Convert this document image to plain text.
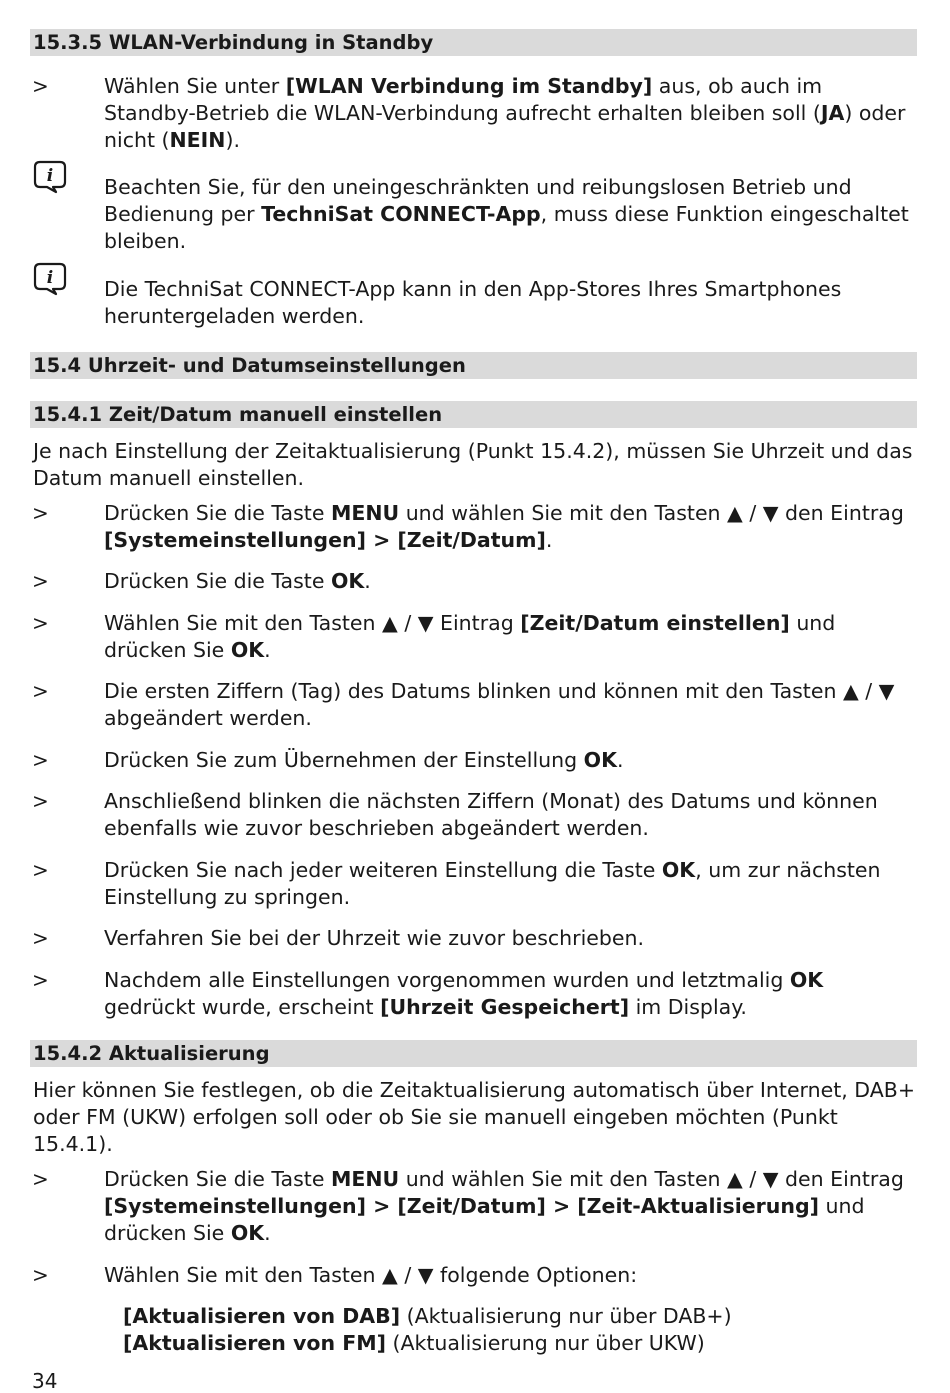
15.3.5 WLAN-Verbindung in Standby
>	Wählen Sie unter [WLAN Verbindung im Standby] aus, ob auch im Standby-Betrieb die WLAN-Verbindung aufrecht erhalten bleiben soll (JA) oder nicht (NEIN).
i Beachten Sie, für den uneingeschränkten und reibungslosen Betrieb und Bedienung per TechniSat CONNECT-App, muss diese Funktion eingeschaltet bleiben.
i Die TechniSat CONNECT-App kann in den App-Stores Ihres Smartphones heruntergeladen werden.
15.4 Uhrzeit- und Datumseinstellungen
15.4.1 Zeit/Datum manuell einstellen
Je nach Einstellung der Zeitaktualisierung (Punkt 15.4.2), müssen Sie Uhrzeit und das Datum manuell einstellen.
>	Drücken Sie die Taste MENU und wählen Sie mit den Tasten ▲ / ▼ den Eintrag [Systemeinstellungen] > [Zeit/Datum].
>	Drücken Sie die Taste OK.
>	Wählen Sie mit den Tasten ▲ / ▼ Eintrag [Zeit/Datum einstellen] und drücken Sie OK.
>	Die ersten Ziffern (Tag) des Datums blinken und können mit den Tasten ▲ / ▼ abgeändert werden.
>	Drücken Sie zum Übernehmen der Einstellung OK.
>	Anschließend blinken die nächsten Ziffern (Monat) des Datums und können ebenfalls wie zuvor beschrieben abgeändert werden.
>	Drücken Sie nach jeder weiteren Einstellung die Taste OK, um zur nächsten Einstellung zu springen.
>	Verfahren Sie bei der Uhrzeit wie zuvor beschrieben.
>	Nachdem alle Einstellungen vorgenommen wurden und letztmalig OK gedrückt wurde, erscheint [Uhrzeit Gespeichert] im Display.
15.4.2 Aktualisierung
Hier können Sie festlegen, ob die Zeitaktualisierung automatisch über Internet, DAB+ oder FM (UKW) erfolgen soll oder ob Sie sie manuell eingeben möchten (Punkt 15.4.1).
>	Drücken Sie die Taste MENU und wählen Sie mit den Tasten ▲ / ▼ den Eintrag [Systemeinstellungen] > [Zeit/Datum] > [Zeit-Aktualisierung] und drücken Sie OK.
>	Wählen Sie mit den Tasten ▲ / ▼ folgende Optionen:
[Aktualisieren von DAB] (Aktualisierung nur über DAB+)
[Aktualisieren von FM] (Aktualisierung nur über UKW)
34
